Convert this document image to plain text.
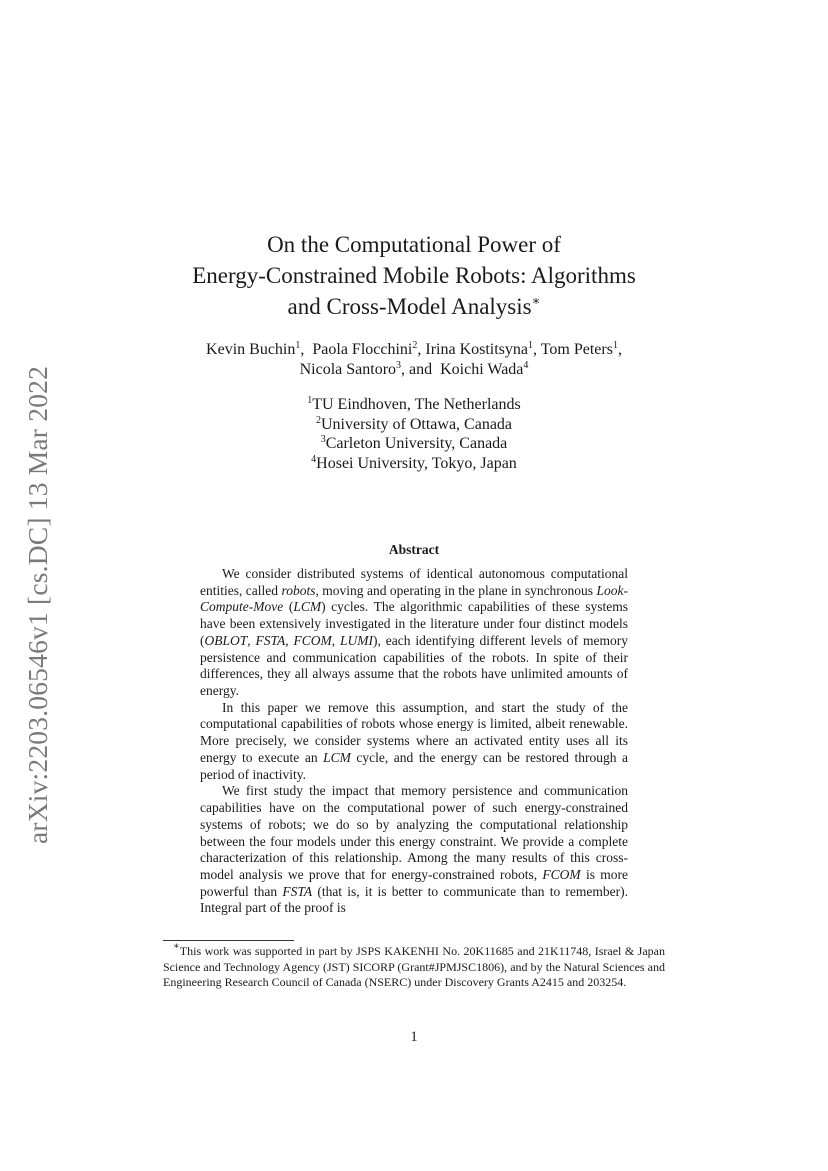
arXiv:2203.06546v1 [cs.DC] 13 Mar 2022
On the Computational Power of
Energy-Constrained Mobile Robots: Algorithms
and Cross-Model Analysis∗
Kevin Buchin$^1$,  Paola Flocchini$^2$, Irina Kostitsyna$^1$, Tom Peters$^1$,
Nicola Santoro$^3$, and  Koichi Wada$^4$
$^1$TU Eindhoven, The Netherlands
$^2$University of Ottawa, Canada
$^3$Carleton University, Canada
$^4$Hosei University, Tokyo, Japan
Abstract

We consider distributed systems of identical autonomous computational entities, called robots, moving and operating in the plane in synchronous Look-Compute-Move (LCM) cycles. The algorithmic capabilities of these systems have been extensively investigated in the literature under four distinct models (OBLOT, FSTA, FCOM, LUMI), each identifying different levels of memory persistence and communication capabilities of the robots. In spite of their differences, they all always assume that the robots have unlimited amounts of energy.

In this paper we remove this assumption, and start the study of the computational capabilities of robots whose energy is limited, albeit renewable. More precisely, we consider systems where an activated entity uses all its energy to execute an LCM cycle, and the energy can be restored through a period of inactivity.

We first study the impact that memory persistence and communication capabilities have on the computational power of such energy-constrained systems of robots; we do so by analyzing the computational relationship between the four models under this energy constraint. We provide a complete characterization of this relationship. Among the many results of this cross-model analysis we prove that for energy-constrained robots, FCOM is more powerful than FSTA (that is, it is better to communicate than to remember). Integral part of the proof is

∗This work was supported in part by JSPS KAKENHI No. 20K11685 and 21K11748, Israel & Japan Science and Technology Agency (JST) SICORP (Grant#JPMJSC1806), and by the Natural Sciences and Engineering Research Council of Canada (NSERC) under Discovery Grants A2415 and 203254.
1
